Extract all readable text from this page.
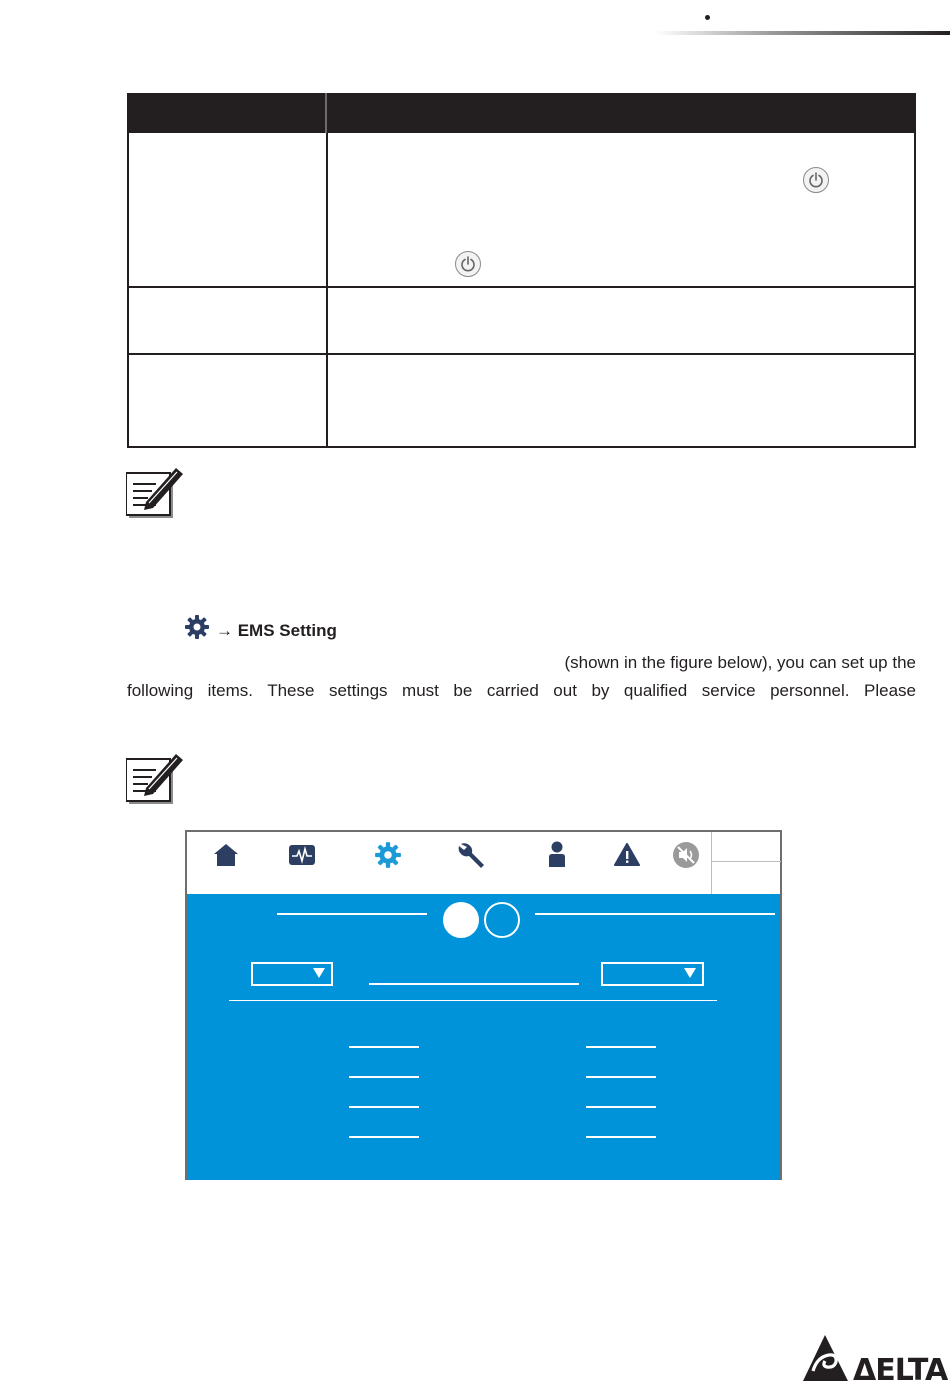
→ EMS Setting
(shown in the figure below), you can set up the
following items. These settings must be carried out by qualified service personnel. Please
ΔELTA
